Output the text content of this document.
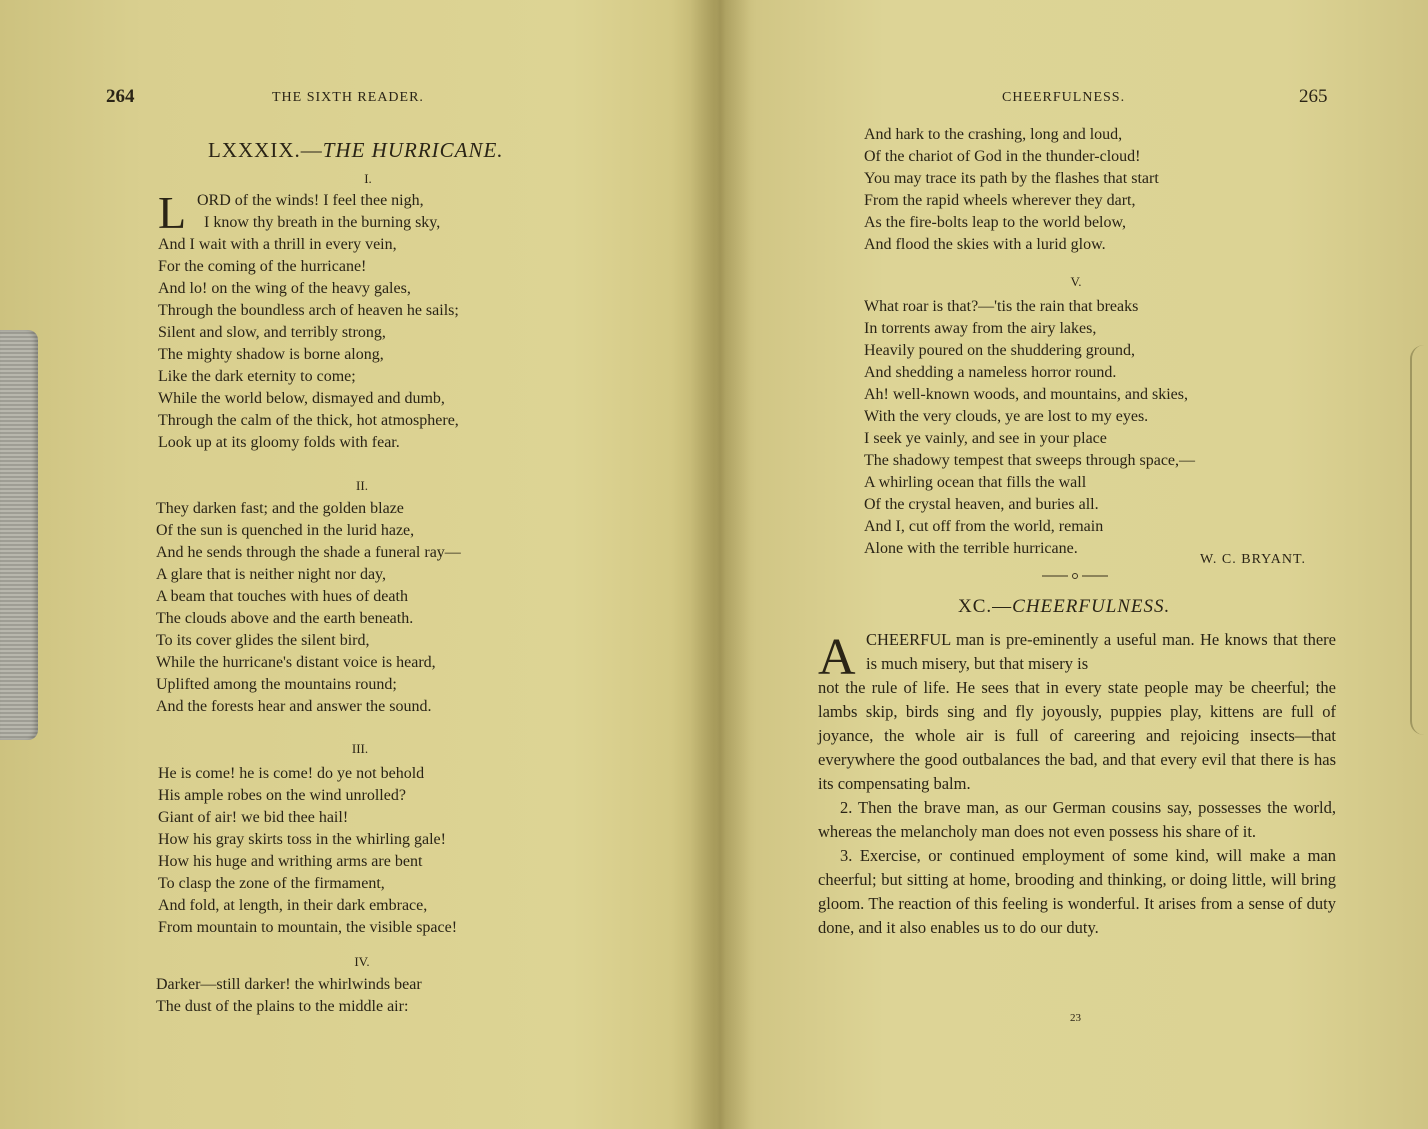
264	THE SIXTH READER.
LXXXIX.—THE HURRICANE.
I.
L ORD of the winds! I feel thee nigh,
I know thy breath in the burning sky,
And I wait with a thrill in every vein,
For the coming of the hurricane!
And lo! on the wing of the heavy gales,
Through the boundless arch of heaven he sails;
Silent and slow, and terribly strong,
The mighty shadow is borne along,
Like the dark eternity to come;
While the world below, dismayed and dumb,
Through the calm of the thick, hot atmosphere,
Look up at its gloomy folds with fear.
II.
They darken fast; and the golden blaze
Of the sun is quenched in the lurid haze,
And he sends through the shade a funeral ray—
A glare that is neither night nor day,
A beam that touches with hues of death
The clouds above and the earth beneath.
To its cover glides the silent bird,
While the hurricane's distant voice is heard,
Uplifted among the mountains round;
And the forests hear and answer the sound.
III.
He is come! he is come! do ye not behold
His ample robes on the wind unrolled?
Giant of air! we bid thee hail!
How his gray skirts toss in the whirling gale!
How his huge and writhing arms are bent
To clasp the zone of the firmament,
And fold, at length, in their dark embrace,
From mountain to mountain, the visible space!
IV.
Darker—still darker! the whirlwinds bear
The dust of the plains to the middle air:
CHEERFULNESS.	265
And hark to the crashing, long and loud,
Of the chariot of God in the thunder-cloud!
You may trace its path by the flashes that start
From the rapid wheels wherever they dart,
As the fire-bolts leap to the world below,
And flood the skies with a lurid glow.
V.
What roar is that?—'tis the rain that breaks
In torrents away from the airy lakes,
Heavily poured on the shuddering ground,
And shedding a nameless horror round.
Ah! well-known woods, and mountains, and skies,
With the very clouds, ye are lost to my eyes.
I seek ye vainly, and see in your place
The shadowy tempest that sweeps through space,—
A whirling ocean that fills the wall
Of the crystal heaven, and buries all.
And I, cut off from the world, remain
Alone with the terrible hurricane.
W. C. BRYANT.
XC.—CHEERFULNESS.
A CHEERFUL man is pre-eminently a useful man. He knows that there is much misery, but that misery is

not the rule of life. He sees that in every state people may be cheerful; the lambs skip, birds sing and fly joyously, puppies play, kittens are full of joyance, the whole air is full of careering and rejoicing insects—that everywhere the good outbalances the bad, and that every evil that there is has its compensating balm.

2. Then the brave man, as our German cousins say, possesses the world, whereas the melancholy man does not even possess his share of it.

3. Exercise, or continued employment of some kind, will make a man cheerful; but sitting at home, brooding and thinking, or doing little, will bring gloom. The reaction of this feeling is wonderful. It arises from a sense of duty done, and it also enables us to do our duty.

23
